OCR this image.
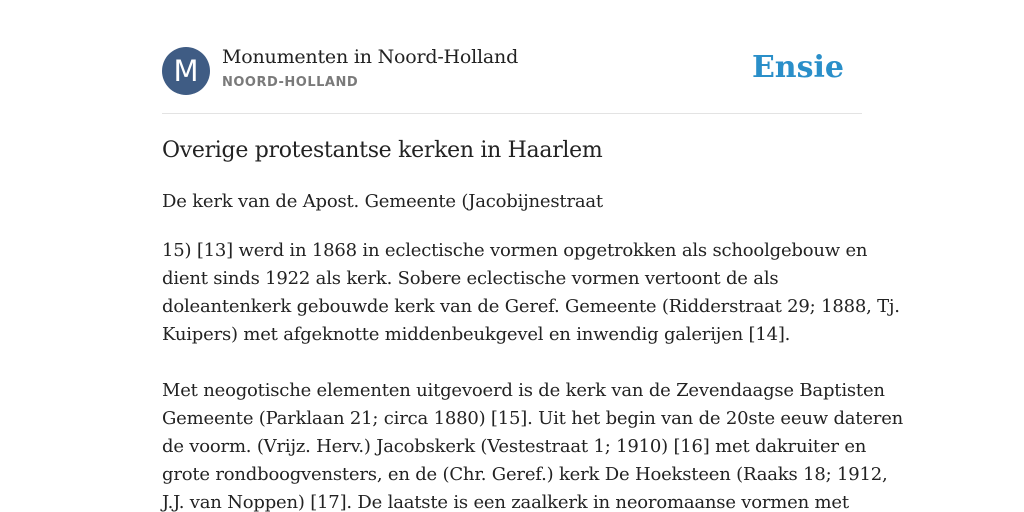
M	Monumenten in Noord-Holland
NOORD-HOLLAND	Ensie
Overige protestantse kerken in Haarlem

De kerk van de Apost. Gemeente (Jacobijnestraat

15) [13] werd in 1868 in eclectische vormen opgetrokken als schoolgebouw en
dient sinds 1922 als kerk. Sobere eclectische vormen vertoont de als
doleantenkerk gebouwde kerk van de Geref. Gemeente (Ridderstraat 29; 1888, Tj.
Kuipers) met afgeknotte middenbeukgevel en inwendig galerijen [14].

Met neogotische elementen uitgevoerd is de kerk van de Zevendaagse Baptisten
Gemeente (Parklaan 21; circa 1880) [15]. Uit het begin van de 20ste eeuw dateren
de voorm. (Vrijz. Herv.) Jacobskerk (Vestestraat 1; 1910) [16] met dakruiter en
grote rondboogvensters, en de (Chr. Geref.) kerk De Hoeksteen (Raaks 18; 1912,
J.J. van Noppen) [17]. De laatste is een zaalkerk in neoromaanse vormen met
